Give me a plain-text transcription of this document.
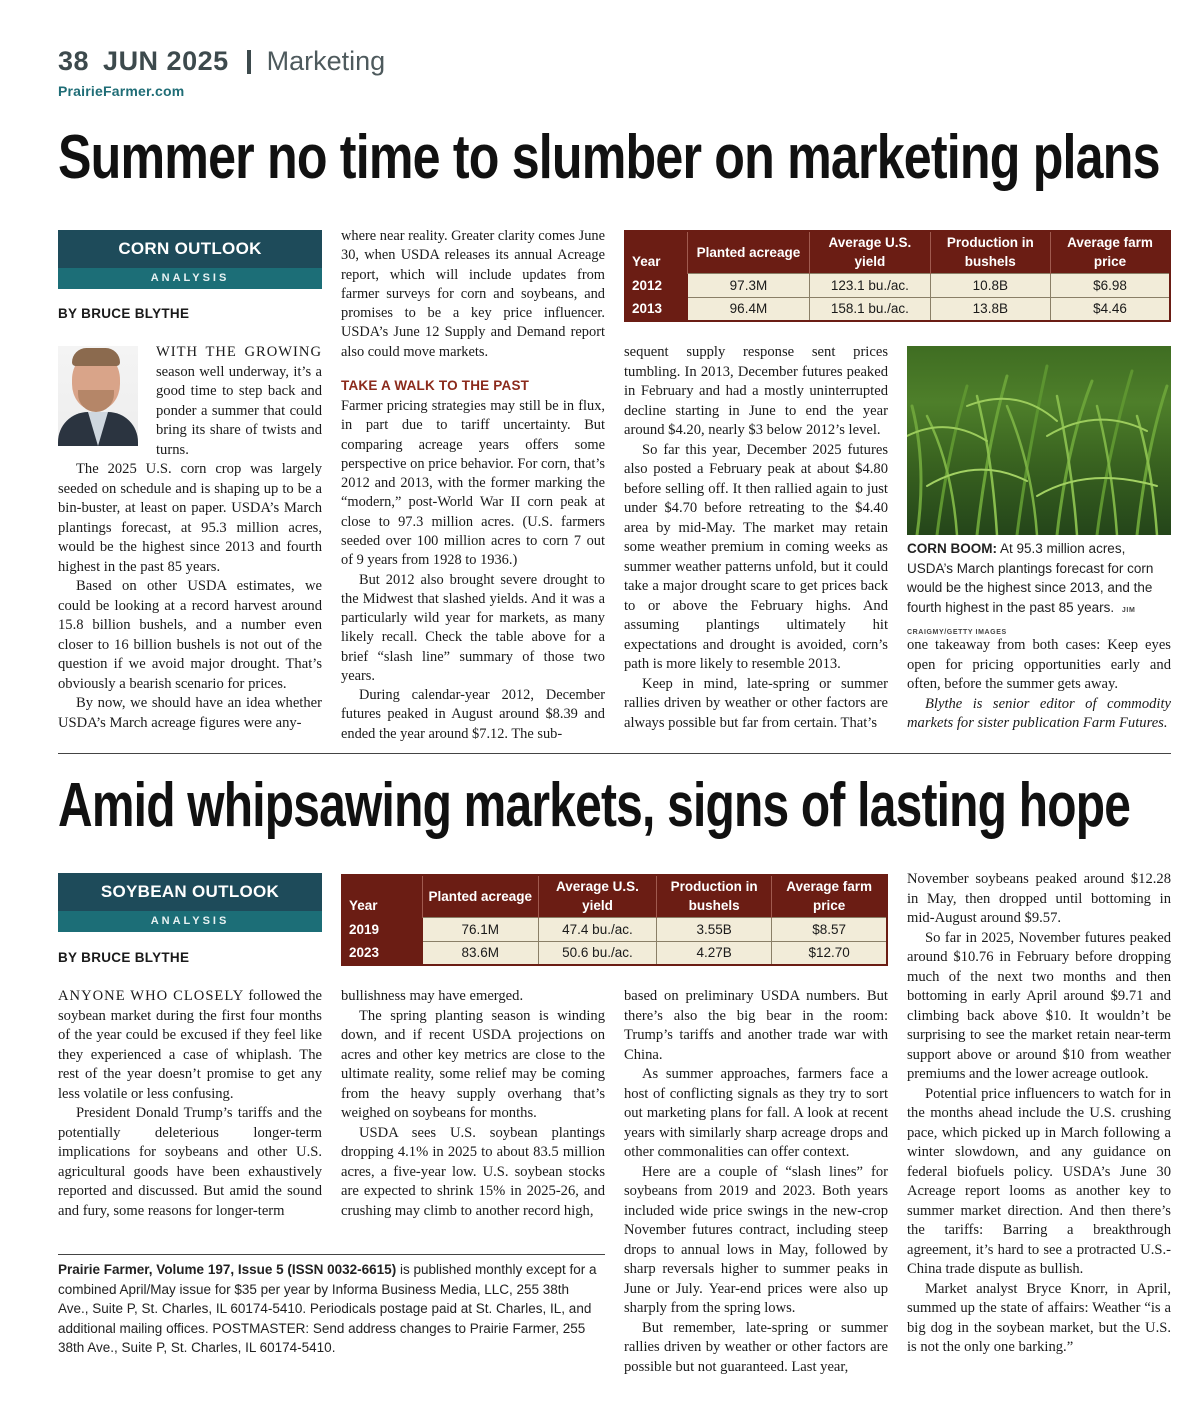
38 JUN 2025 Marketing
PrairieFarmer.com
Summer no time to slumber on marketing plans
CORN OUTLOOK
ANALYSIS
BY BRUCE BLYTHE

WITH THE GROWING season well underway, it’s a good time to step back and ponder a summer that could bring its share of twists and turns.

The 2025 U.S. corn crop was largely seeded on schedule and is shaping up to be a bin-buster, at least on paper. USDA’s March plantings forecast, at 95.3 million acres, would be the highest since 2013 and fourth highest in the past 85 years.

Based on other USDA estimates, we could be looking at a record harvest around 15.8 billion bushels, and a number even closer to 16 billion bushels is not out of the question if we avoid major drought. That’s obviously a bearish scenario for prices.

By now, we should have an idea whether USDA’s March acreage figures were any-

where near reality. Greater clarity comes June 30, when USDA releases its annual Acreage report, which will include updates from farmer surveys for corn and soybeans, and promises to be a key price influencer. USDA’s June 12 Supply and Demand report also could move markets.

TAKE A WALK TO THE PAST

Farmer pricing strategies may still be in flux, in part due to tariff uncertainty. But comparing acreage years offers some perspective on price behavior. For corn, that’s 2012 and 2013, with the former marking the “modern,” post-World War II corn peak at close to 97.3 million acres. (U.S. farmers seeded over 100 million acres to corn 7 out of 9 years from 1928 to 1936.)

But 2012 also brought severe drought to the Midwest that slashed yields. And it was a particularly wild year for markets, as many likely recall. Check the table above for a brief “slash line” summary of those two years.

During calendar-year 2012, December futures peaked in August around $8.39 and ended the year around $7.12. The sub-

Year	Planted acreage	Average U.S. yield	Production in bushels	Average farm price
2012	97.3M	123.1 bu./ac.	10.8B	$6.98
2013	96.4M	158.1 bu./ac.	13.8B	$4.46

sequent supply response sent prices tumbling. In 2013, December futures peaked in February and had a mostly uninterrupted decline starting in June to end the year around $4.20, nearly $3 below 2012’s level.

So far this year, December 2025 futures also posted a February peak at about $4.80 before selling off. It then rallied again to just under $4.70 before retreating to the $4.40 area by mid-May. The market may retain some weather premium in coming weeks as summer weather patterns unfold, but it could take a major drought scare to get prices back to or above the February highs. And assuming plantings ultimately hit expectations and drought is avoided, corn’s path is more likely to resemble 2013.

Keep in mind, late-spring or summer rallies driven by weather or other factors are always possible but far from certain. That’s

CORN BOOM: At 95.3 million acres, USDA’s March plantings forecast for corn would be the highest since 2013, and the fourth highest in the past 85 years. JIM CRAIGMY/GETTY IMAGES

one takeaway from both cases: Keep eyes open for pricing opportunities early and often, before the summer gets away.

Blythe is senior editor of commodity markets for sister publication Farm Futures.

Amid whipsawing markets, signs of lasting hope
SOYBEAN OUTLOOK
ANALYSIS
BY BRUCE BLYTHE
Year	Planted acreage	Average U.S. yield	Production in bushels	Average farm price
2019	76.1M	47.4 bu./ac.	3.55B	$8.57
2023	83.6M	50.6 bu./ac.	4.27B	$12.70

ANYONE WHO CLOSELY followed the soybean market during the first four months of the year could be excused if they feel like they experienced a case of whiplash. The rest of the year doesn’t promise to get any less volatile or less confusing.

President Donald Trump’s tariffs and the potentially deleterious longer-term implications for soybeans and other U.S. agricultural goods have been exhaustively reported and discussed. But amid the sound and fury, some reasons for longer-term

bullishness may have emerged.

The spring planting season is winding down, and if recent USDA projections on acres and other key metrics are close to the ultimate reality, some relief may be coming from the heavy supply overhang that’s weighed on soybeans for months.

USDA sees U.S. soybean plantings dropping 4.1% in 2025 to about 83.5 million acres, a five-year low. U.S. soybean stocks are expected to shrink 15% in 2025-26, and crushing may climb to another record high,

Prairie Farmer, Volume 197, Issue 5 (ISSN 0032-6615) is published monthly except for a combined April/May issue for $35 per year by Informa Business Media, LLC, 255 38th Ave., Suite P, St. Charles, IL 60174-5410. Periodicals postage paid at St. Charles, IL, and additional mailing offices. POSTMASTER: Send address changes to Prairie Farmer, 255 38th Ave., Suite P, St. Charles, IL 60174-5410.

based on preliminary USDA numbers. But there’s also the big bear in the room: Trump’s tariffs and another trade war with China.

As summer approaches, farmers face a host of conflicting signals as they try to sort out marketing plans for fall. A look at recent years with similarly sharp acreage drops and other commonalities can offer context.

Here are a couple of “slash lines” for soybeans from 2019 and 2023. Both years included wide price swings in the new-crop November futures contract, including steep drops to annual lows in May, followed by sharp reversals higher to summer peaks in June or July. Year-end prices were also up sharply from the spring lows.

But remember, late-spring or summer rallies driven by weather or other factors are possible but not guaranteed. Last year,

November soybeans peaked around $12.28 in May, then dropped until bottoming in mid-August around $9.57.

So far in 2025, November futures peaked around $10.76 in February before dropping much of the next two months and then bottoming in early April around $9.71 and climbing back above $10. It wouldn’t be surprising to see the market retain near-term support above or around $10 from weather premiums and the lower acreage outlook.

Potential price influencers to watch for in the months ahead include the U.S. crushing pace, which picked up in March following a winter slowdown, and any guidance on federal biofuels policy. USDA’s June 30 Acreage report looms as another key to summer market direction. And then there’s the tariffs: Barring a breakthrough agreement, it’s hard to see a protracted U.S.-China trade dispute as bullish.

Market analyst Bryce Knorr, in April, summed up the state of affairs: Weather “is a big dog in the soybean market, but the U.S. is not the only one barking.”
